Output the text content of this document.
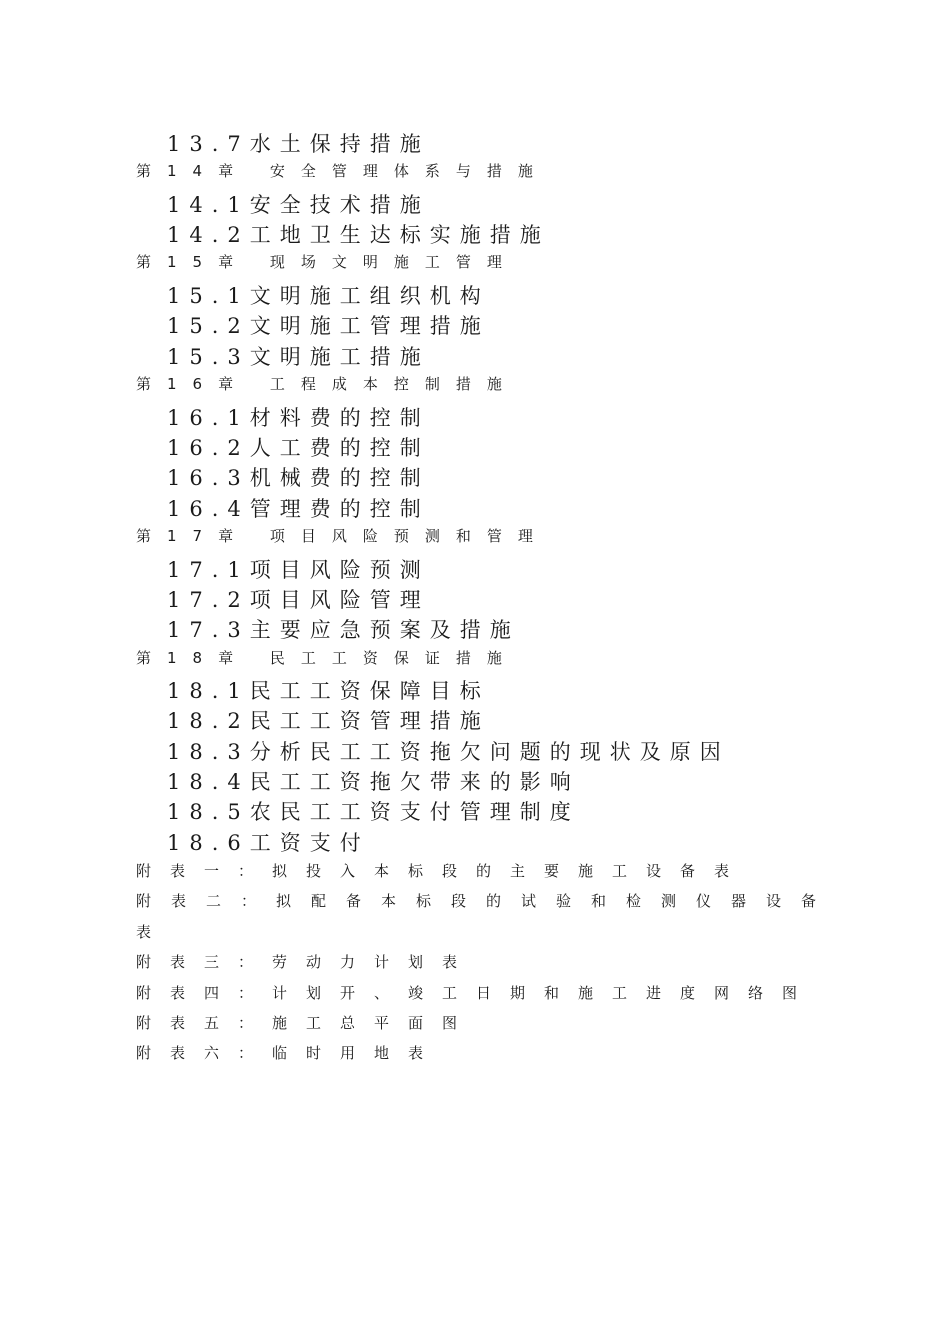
13.7水土保持措施
第14章 安全管理体系与措施
14.1安全技术措施
14.2工地卫生达标实施措施
第15章 现场文明施工管理
15.1文明施工组织机构
15.2文明施工管理措施
15.3文明施工措施
第16章 工程成本控制措施
16.1材料费的控制
16.2人工费的控制
16.3机械费的控制
16.4管理费的控制
第17章 项目风险预测和管理
17.1项目风险预测
17.2项目风险管理
17.3主要应急预案及措施
第18章 民工工资保证措施
18.1民工工资保障目标
18.2民工工资管理措施
18.3分析民工工资拖欠问题的现状及原因
18.4民工工资拖欠带来的影响
18.5农民工工资支付管理制度
18.6工资支付
附表一：拟投入本标段的主要施工设备表
附表二：拟配备本标段的试验和检测仪器设备
表
附表三：劳动力计划表
附表四：计划开、竣工日期和施工进度网络图
附表五：施工总平面图
附表六：临时用地表
